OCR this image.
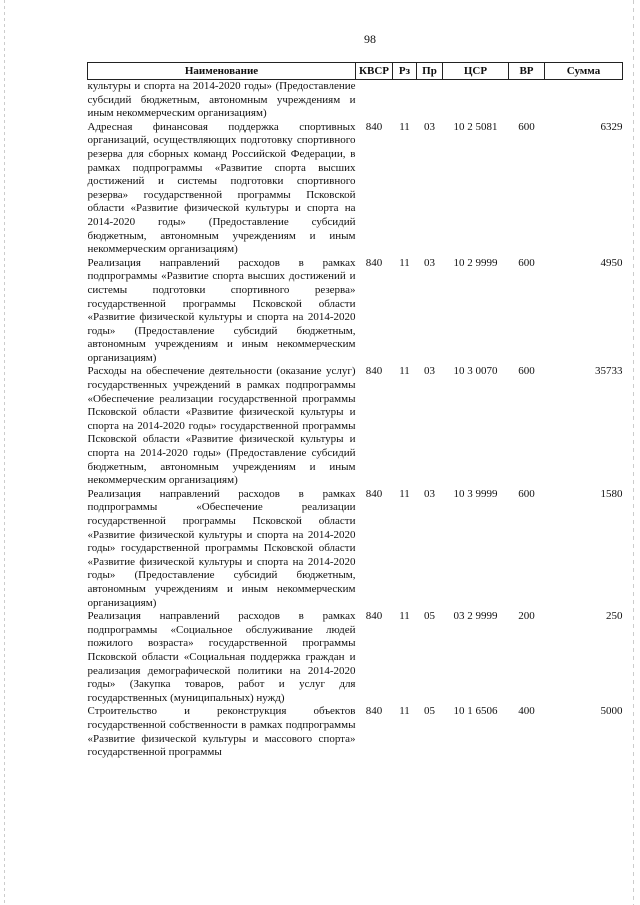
98
Наименование	КВСР	Рз	Пр	ЦСР	ВР	Сумма
культуры и спорта на 2014-2020 годы» (Предоставление субсидий бюджетным, автономным учреждениям и иным некоммерческим организациям)						
Адресная финансовая поддержка спортивных организаций, осуществляющих подготовку спортивного резерва для сборных команд Российской Федерации, в рамках подпрограммы «Развитие спорта высших достижений и системы подготовки спортивного резерва» государственной программы Псковской области «Развитие физической культуры и спорта на 2014-2020 годы» (Предоставление субсидий бюджетным, автономным учреждениям и иным некоммерческим организациям)	840	11	03	10 2 5081	600	6329
Реализация направлений расходов в рамках подпрограммы «Развитие спорта высших достижений и системы подготовки спортивного резерва» государственной программы Псковской области «Развитие физической культуры и спорта на 2014-2020 годы» (Предоставление субсидий бюджетным, автономным учреждениям и иным некоммерческим организациям)	840	11	03	10 2 9999	600	4950
Расходы на обеспечение деятельности (оказание услуг) государственных учреждений в рамках подпрограммы «Обеспечение реализации государственной программы Псковской области «Развитие физической культуры и спорта на 2014-2020 годы» государственной программы Псковской области «Развитие физической культуры и спорта на 2014-2020 годы» (Предоставление субсидий бюджетным, автономным учреждениям и иным некоммерческим организациям)	840	11	03	10 3 0070	600	35733
Реализация направлений расходов в рамках подпрограммы «Обеспечение реализации государственной программы Псковской области «Развитие физической культуры и спорта на 2014-2020 годы» государственной программы Псковской области «Развитие физической культуры и спорта на 2014-2020 годы» (Предоставление субсидий бюджетным, автономным учреждениям и иным некоммерческим организациям)	840	11	03	10 3 9999	600	1580
Реализация направлений расходов в рамках подпрограммы «Социальное обслуживание людей пожилого возраста» государственной программы Псковской области «Социальная поддержка граждан и реализация демографической политики на 2014-2020 годы» (Закупка товаров, работ и услуг для государственных (муниципальных) нужд)	840	11	05	03 2 9999	200	250
Строительство и реконструкция объектов государственной собственности в рамках подпрограммы «Развитие физической культуры и массового спорта» государственной программы	840	11	05	10 1 6506	400	5000
